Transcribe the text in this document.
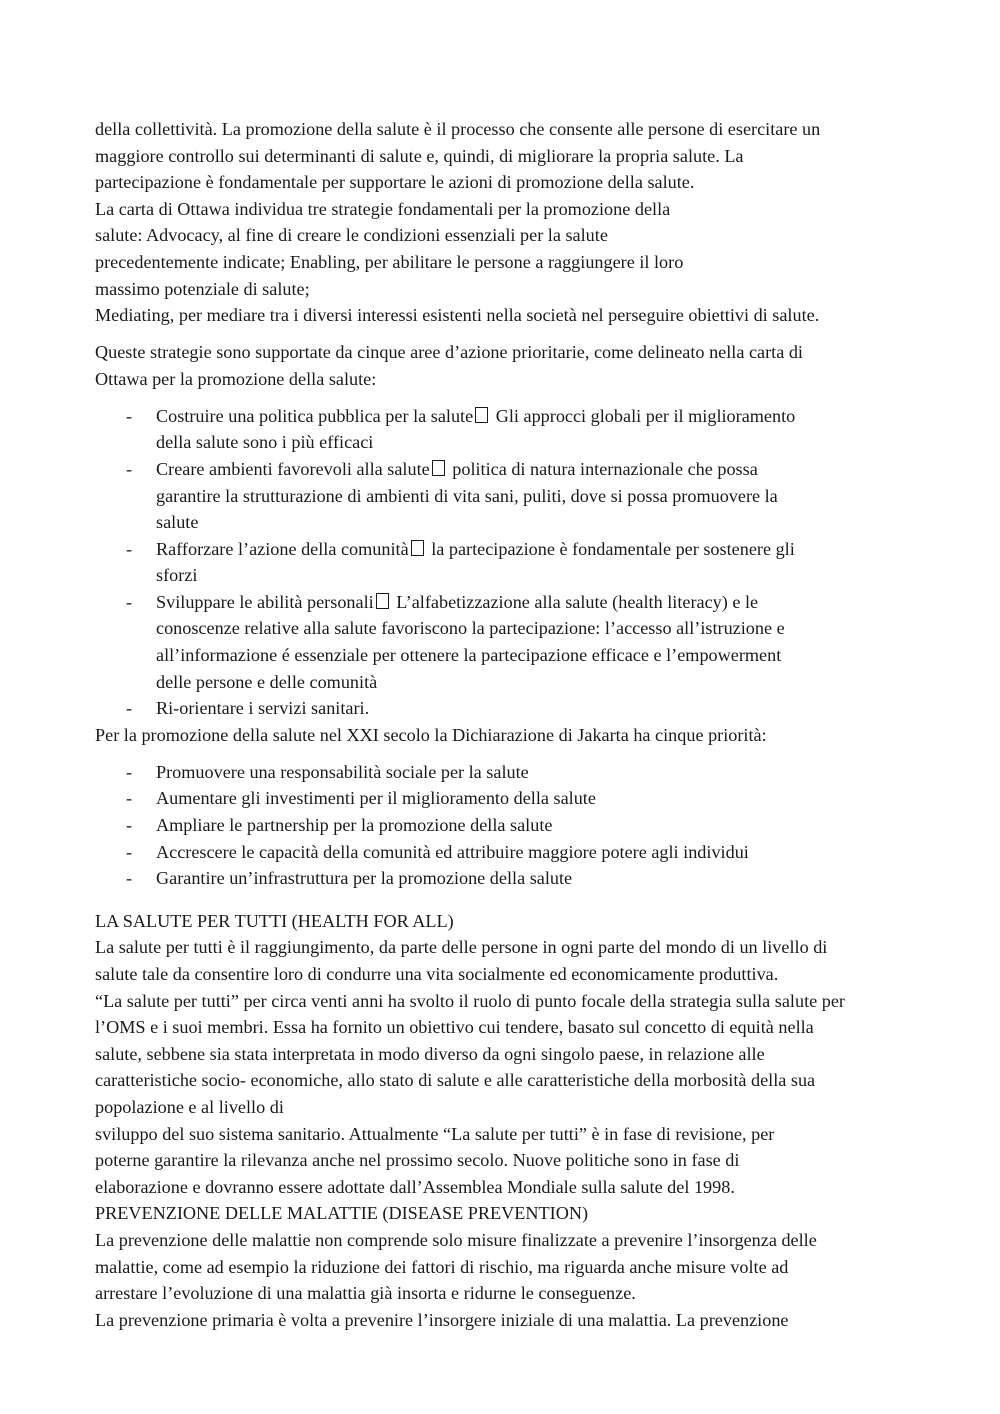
della collettività. La promozione della salute è il processo che consente alle persone di esercitare un
maggiore controllo sui determinanti di salute e, quindi, di migliorare la propria salute. La
partecipazione è fondamentale per supportare le azioni di promozione della salute.
La carta di Ottawa individua tre strategie fondamentali per la promozione della
salute: Advocacy, al fine di creare le condizioni essenziali per la salute
precedentemente indicate; Enabling, per abilitare le persone a raggiungere il loro
massimo potenziale di salute;
Mediating, per mediare tra i diversi interessi esistenti nella società nel perseguire obiettivi di salute.
Queste strategie sono supportate da cinque aree d’azione prioritarie, come delineato nella carta di
Ottawa per la promozione della salute:
- Costruire una politica pubblica per la salute Gli approcci globali per il miglioramento
della salute sono i più efficaci
- Creare ambienti favorevoli alla salute politica di natura internazionale che possa
garantire la strutturazione di ambienti di vita sani, puliti, dove si possa promuovere la
salute
- Rafforzare l’azione della comunità la partecipazione è fondamentale per sostenere gli
sforzi
- Sviluppare le abilità personali L’alfabetizzazione alla salute (health literacy) e le
conoscenze relative alla salute favoriscono la partecipazione: l’accesso all’istruzione e
all’informazione é essenziale per ottenere la partecipazione efficace e l’empowerment
delle persone e delle comunità
- Ri-orientare i servizi sanitari.
Per la promozione della salute nel XXI secolo la Dichiarazione di Jakarta ha cinque priorità:
- Promuovere una responsabilità sociale per la salute
- Aumentare gli investimenti per il miglioramento della salute
- Ampliare le partnership per la promozione della salute
- Accrescere le capacità della comunità ed attribuire maggiore potere agli individui
- Garantire un’infrastruttura per la promozione della salute
LA SALUTE PER TUTTI (HEALTH FOR ALL)
La salute per tutti è il raggiungimento, da parte delle persone in ogni parte del mondo di un livello di
salute tale da consentire loro di condurre una vita socialmente ed economicamente produttiva.
“La salute per tutti” per circa venti anni ha svolto il ruolo di punto focale della strategia sulla salute per
l’OMS e i suoi membri. Essa ha fornito un obiettivo cui tendere, basato sul concetto di equità nella
salute, sebbene sia stata interpretata in modo diverso da ogni singolo paese, in relazione alle
caratteristiche socio- economiche, allo stato di salute e alle caratteristiche della morbosità della sua
popolazione e al livello di
sviluppo del suo sistema sanitario. Attualmente “La salute per tutti” è in fase di revisione, per
poterne garantire la rilevanza anche nel prossimo secolo. Nuove politiche sono in fase di
elaborazione e dovranno essere adottate dall’Assemblea Mondiale sulla salute del 1998.
PREVENZIONE DELLE MALATTIE (DISEASE PREVENTION)
La prevenzione delle malattie non comprende solo misure finalizzate a prevenire l’insorgenza delle
malattie, come ad esempio la riduzione dei fattori di rischio, ma riguarda anche misure volte ad
arrestare l’evoluzione di una malattia già insorta e ridurne le conseguenze.
La prevenzione primaria è volta a prevenire l’insorgere iniziale di una malattia. La prevenzione
